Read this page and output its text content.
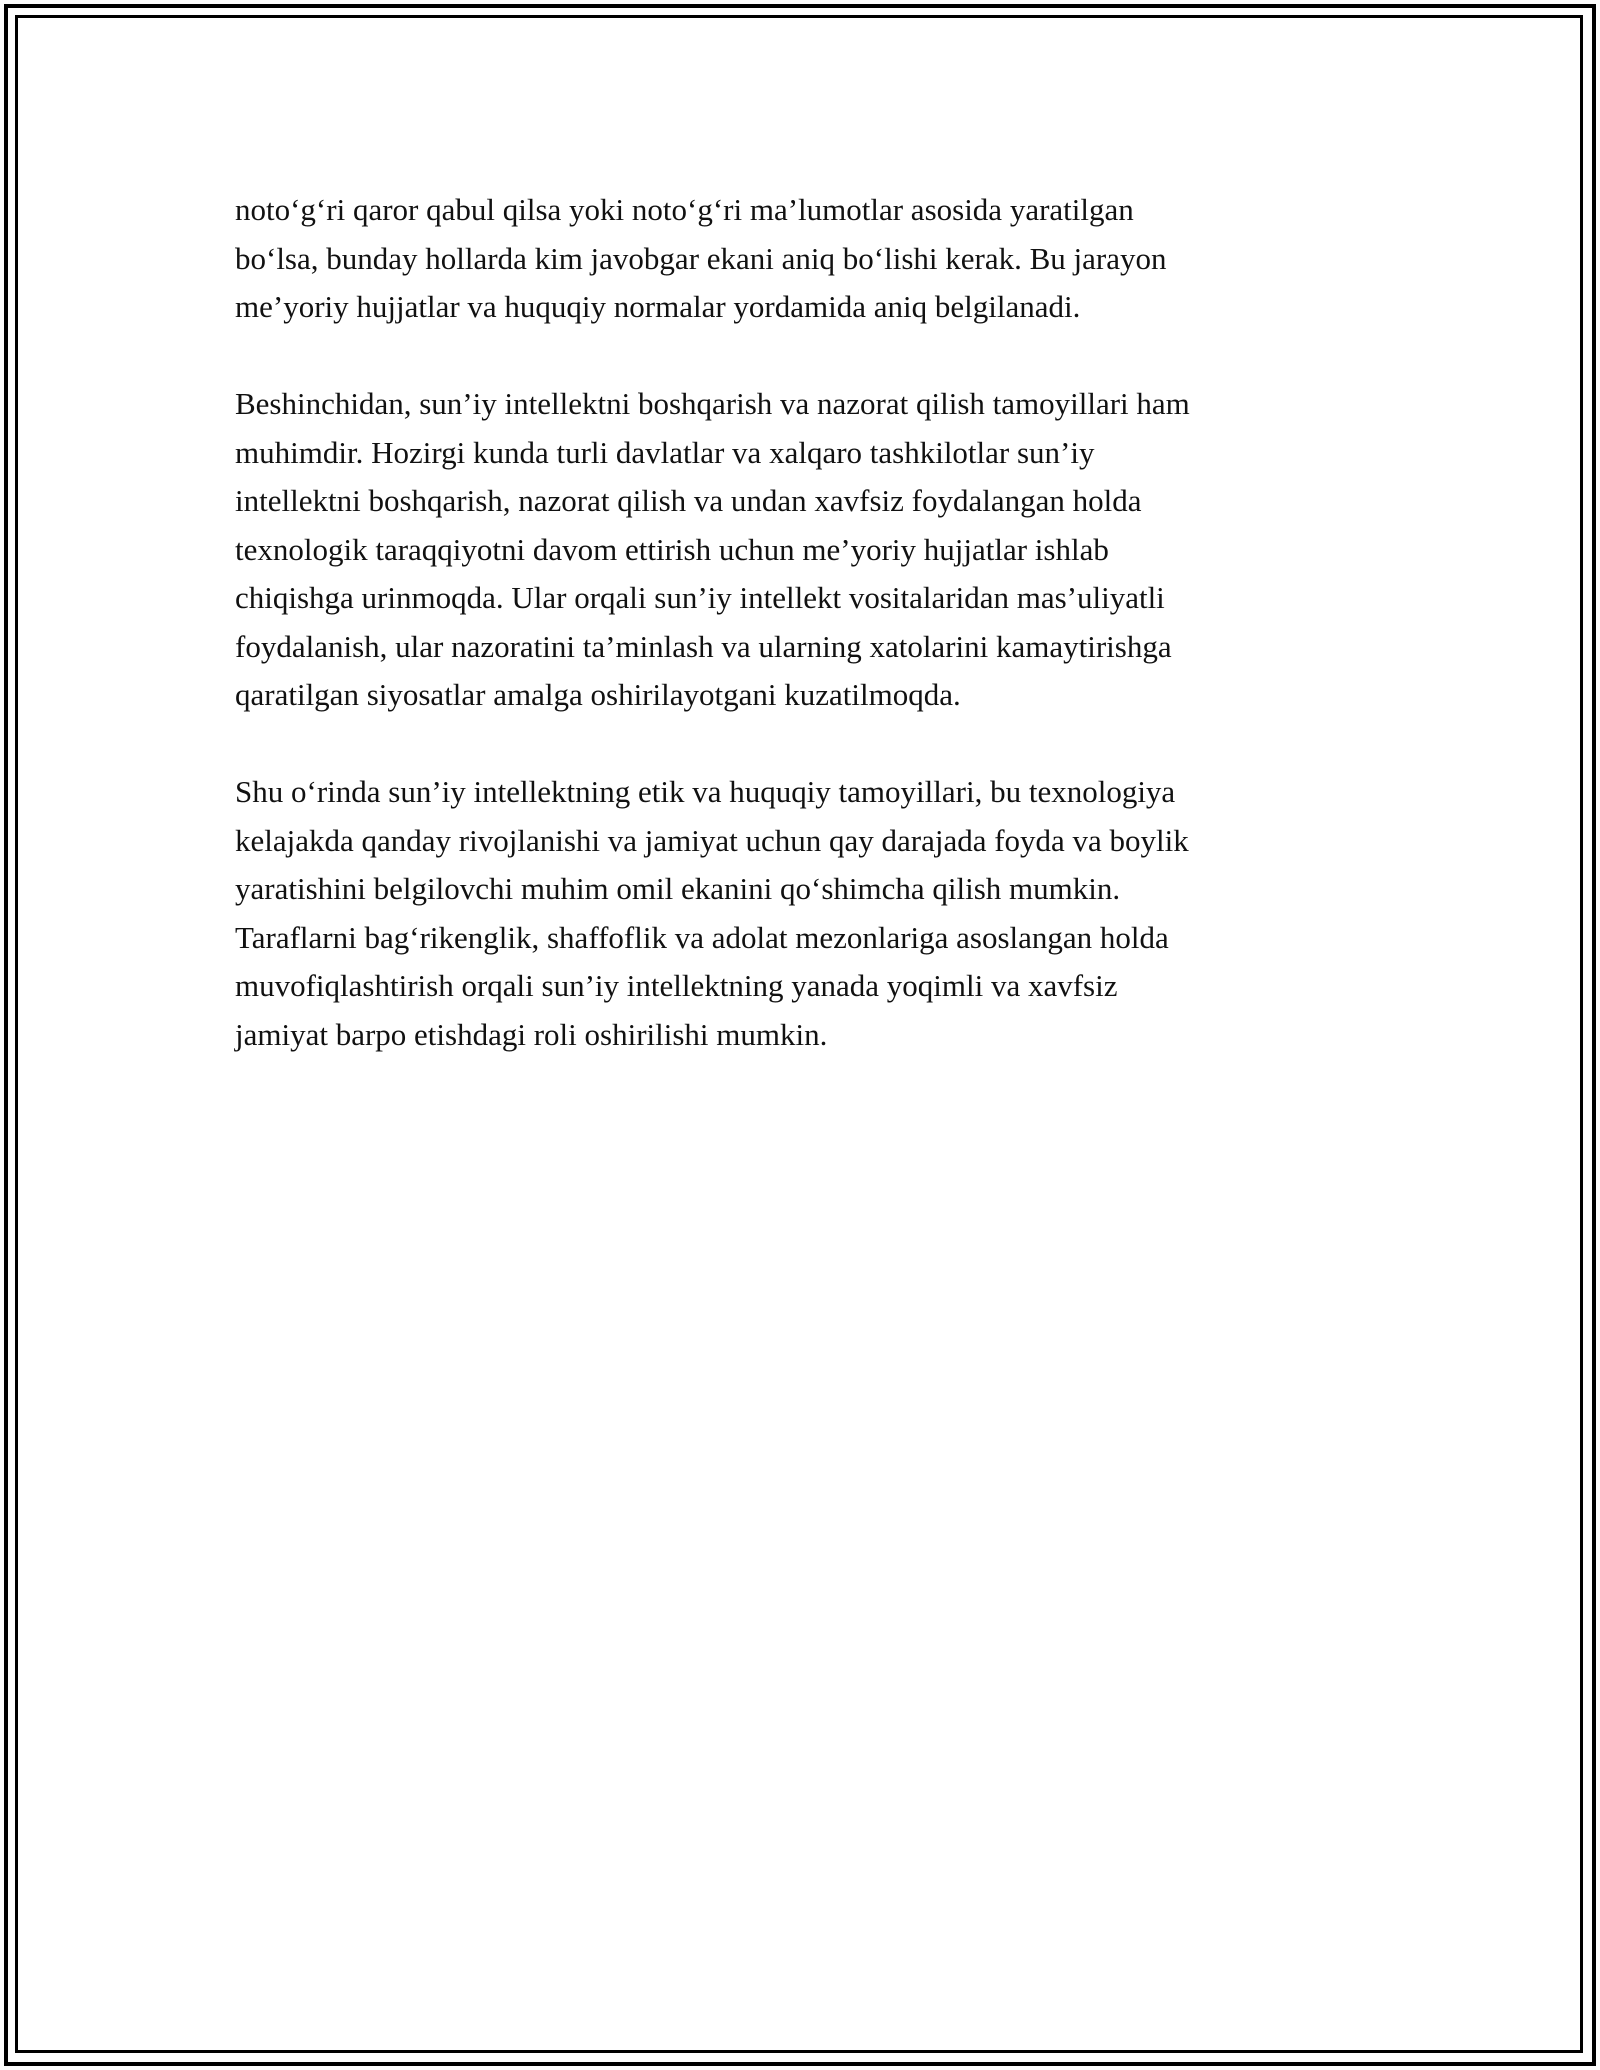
noto‘g‘ri qaror qabul qilsa yoki noto‘g‘ri ma’lumotlar asosida yaratilgan
bo‘lsa, bunday hollarda kim javobgar ekani aniq bo‘lishi kerak. Bu jarayon
me’yoriy hujjatlar va huquqiy normalar yordamida aniq belgilanadi.

Beshinchidan, sun’iy intellektni boshqarish va nazorat qilish tamoyillari ham
muhimdir. Hozirgi kunda turli davlatlar va xalqaro tashkilotlar sun’iy
intellektni boshqarish, nazorat qilish va undan xavfsiz foydalangan holda
texnologik taraqqiyotni davom ettirish uchun me’yoriy hujjatlar ishlab
chiqishga urinmoqda. Ular orqali sun’iy intellekt vositalaridan mas’uliyatli
foydalanish, ular nazoratini ta’minlash va ularning xatolarini kamaytirishga
qaratilgan siyosatlar amalga oshirilayotgani kuzatilmoqda.

Shu o‘rinda sun’iy intellektning etik va huquqiy tamoyillari, bu texnologiya
kelajakda qanday rivojlanishi va jamiyat uchun qay darajada foyda va boylik
yaratishini belgilovchi muhim omil ekanini qo‘shimcha qilish mumkin.
Taraflarni bag‘rikenglik, shaffoflik va adolat mezonlariga asoslangan holda
muvofiqlashtirish orqali sun’iy intellektning yanada yoqimli va xavfsiz
jamiyat barpo etishdagi roli oshirilishi mumkin.
